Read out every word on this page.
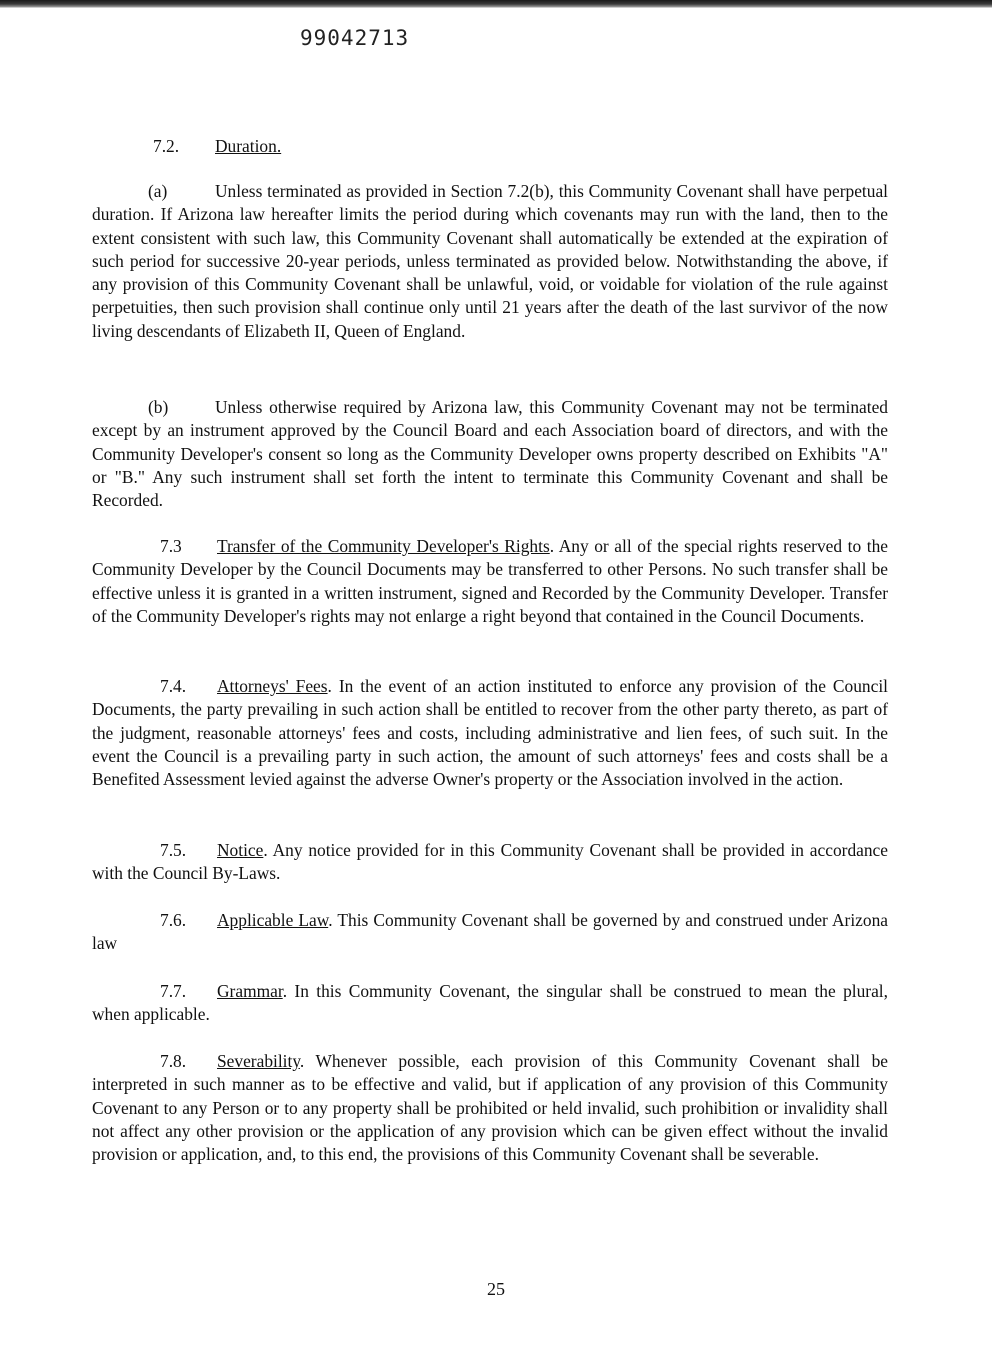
99042713
7.2. Duration.

(a)	Unless terminated as provided in Section 7.2(b), this Community Covenant shall have perpetual duration. If Arizona law hereafter limits the period during which covenants may run with the land, then to the extent consistent with such law, this Community Covenant shall automatically be extended at the expiration of such period for successive 20-year periods, unless terminated as provided below. Notwithstanding the above, if any provision of this Community Covenant shall be unlawful, void, or voidable for violation of the rule against perpetuities, then such provision shall continue only until 21 years after the death of the last survivor of the now living descendants of Elizabeth II, Queen of England.

(b)	Unless otherwise required by Arizona law, this Community Covenant may not be terminated except by an instrument approved by the Council Board and each Association board of directors, and with the Community Developer's consent so long as the Community Developer owns property described on Exhibits "A" or "B." Any such instrument shall set forth the intent to terminate this Community Covenant and shall be Recorded.

7.3 Transfer of the Community Developer's Rights. Any or all of the special rights reserved to the Community Developer by the Council Documents may be transferred to other Persons. No such transfer shall be effective unless it is granted in a written instrument, signed and Recorded by the Community Developer. Transfer of the Community Developer's rights may not enlarge a right beyond that contained in the Council Documents.

7.4. Attorneys' Fees. In the event of an action instituted to enforce any provision of the Council Documents, the party prevailing in such action shall be entitled to recover from the other party thereto, as part of the judgment, reasonable attorneys' fees and costs, including administrative and lien fees, of such suit. In the event the Council is a prevailing party in such action, the amount of such attorneys' fees and costs shall be a Benefited Assessment levied against the adverse Owner's property or the Association involved in the action.

7.5. Notice. Any notice provided for in this Community Covenant shall be provided in accordance with the Council By-Laws.

7.6. Applicable Law. This Community Covenant shall be governed by and construed under Arizona law

7.7. Grammar. In this Community Covenant, the singular shall be construed to mean the plural, when applicable.

7.8. Severability. Whenever possible, each provision of this Community Covenant shall be interpreted in such manner as to be effective and valid, but if application of any provision of this Community Covenant to any Person or to any property shall be prohibited or held invalid, such prohibition or invalidity shall not affect any other provision or the application of any provision which can be given effect without the invalid provision or application, and, to this end, the provisions of this Community Covenant shall be severable.

25
